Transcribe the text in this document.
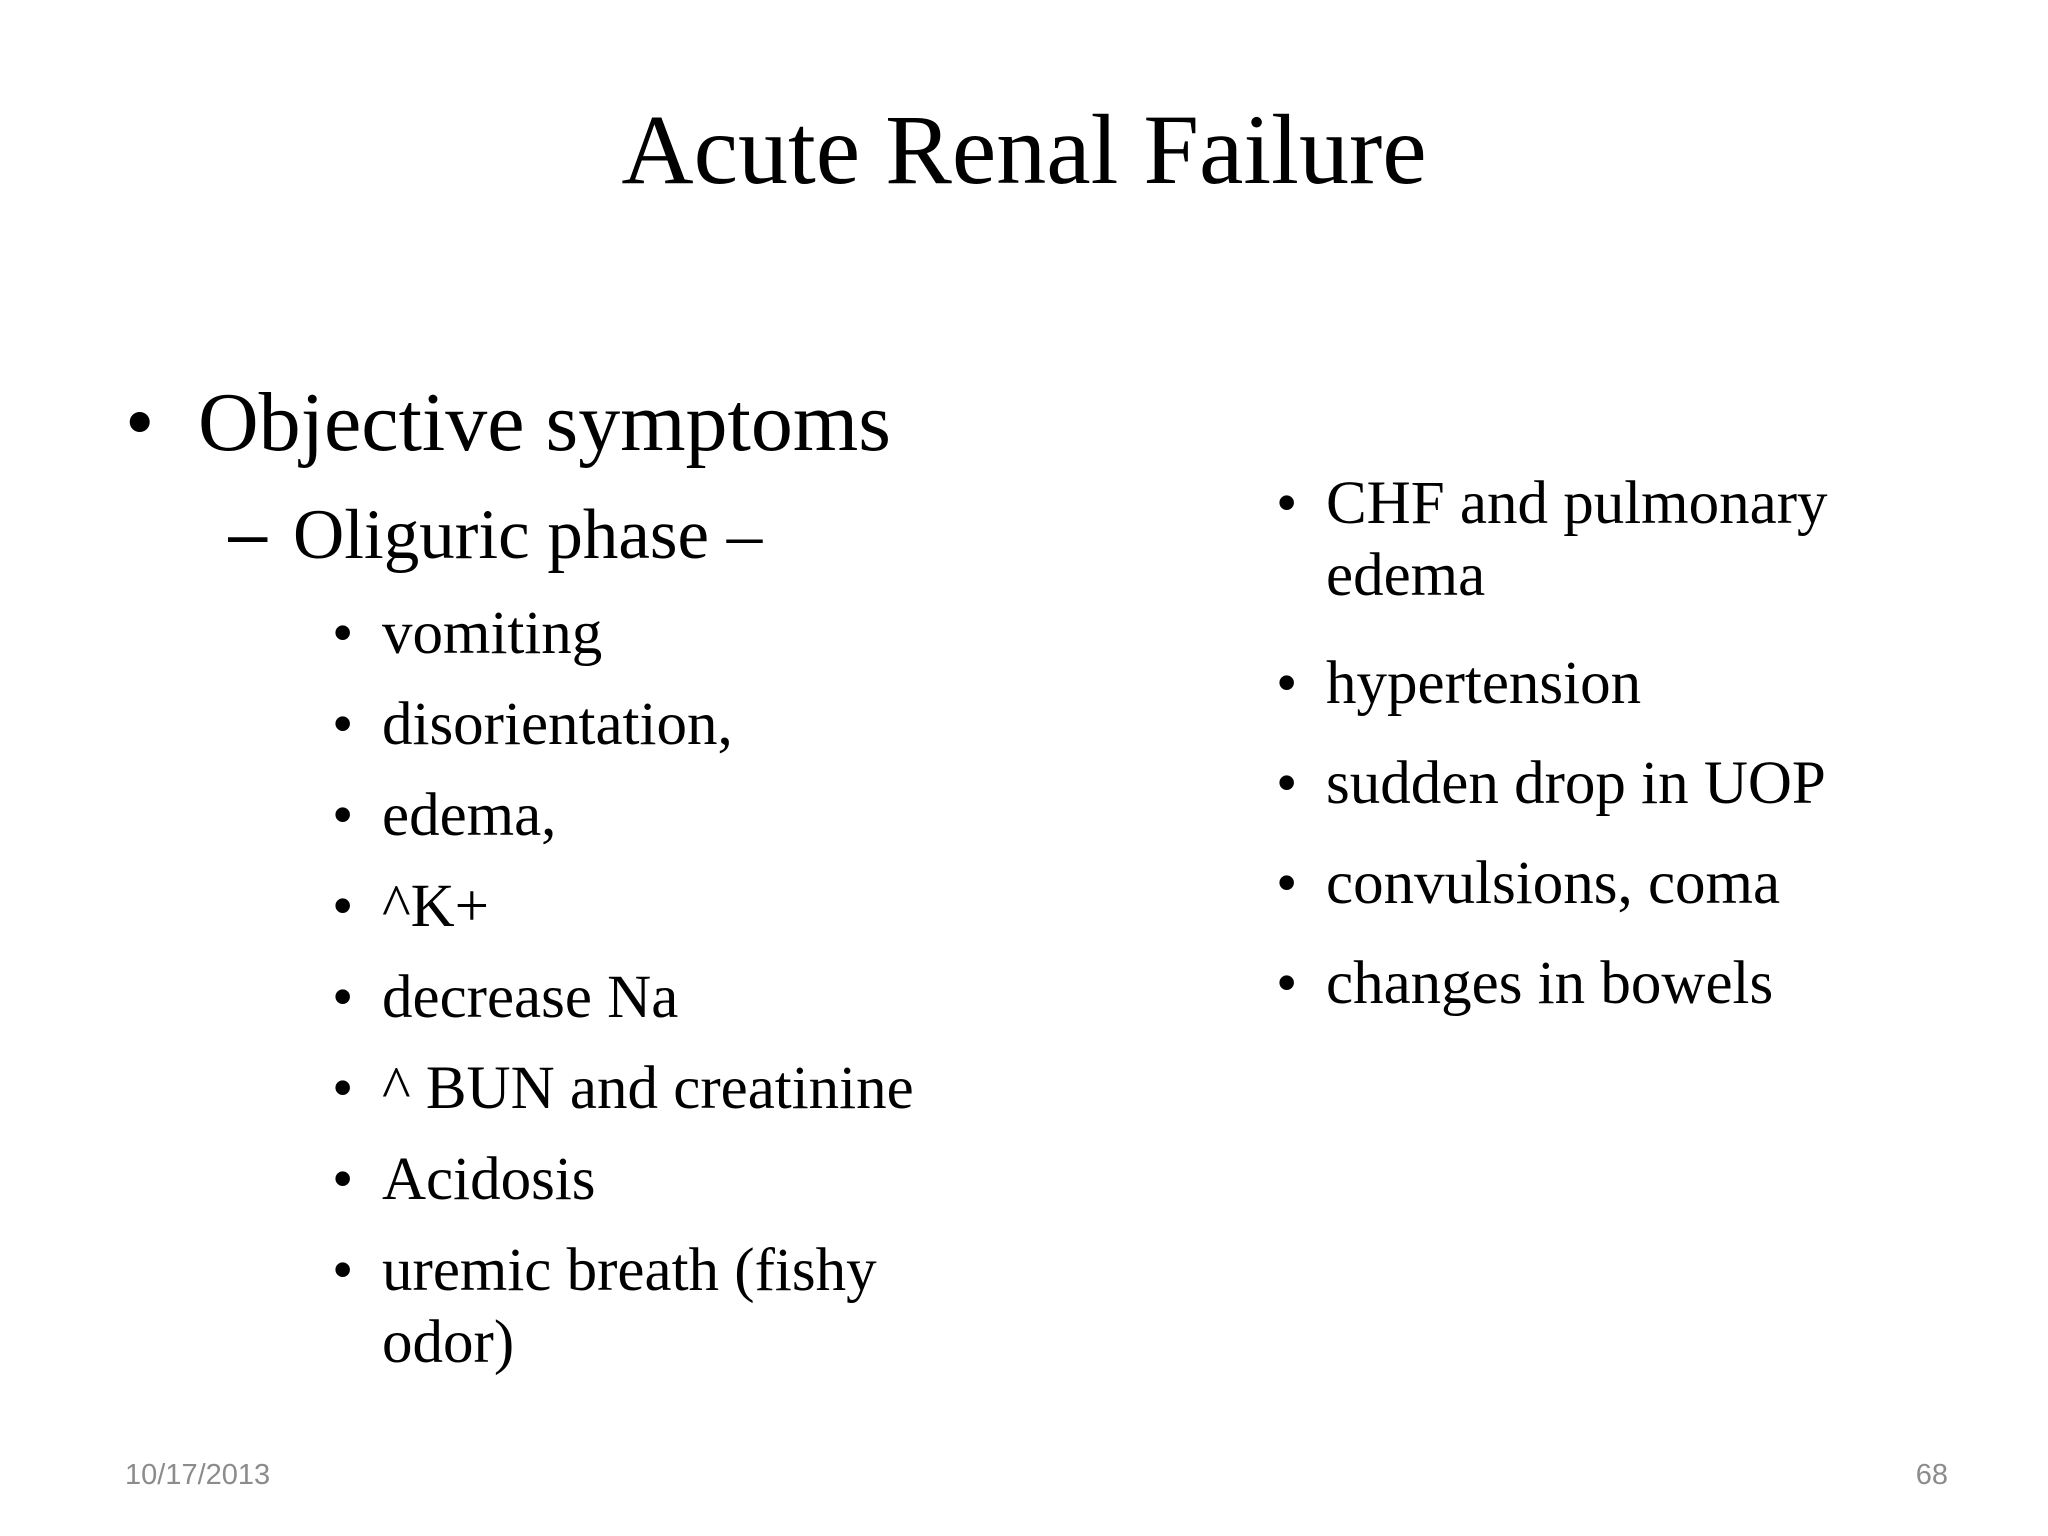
Acute Renal Failure
• Objective symptoms
– Oliguric phase –
• vomiting
• disorientation,
• edema,
• ^K+
• decrease Na
• ^ BUN and creatinine
• Acidosis
• uremic breath (fishy
odor)
• CHF and pulmonary
edema
• hypertension
• sudden drop in UOP
• convulsions, coma
• changes in bowels
10/17/2013	68
